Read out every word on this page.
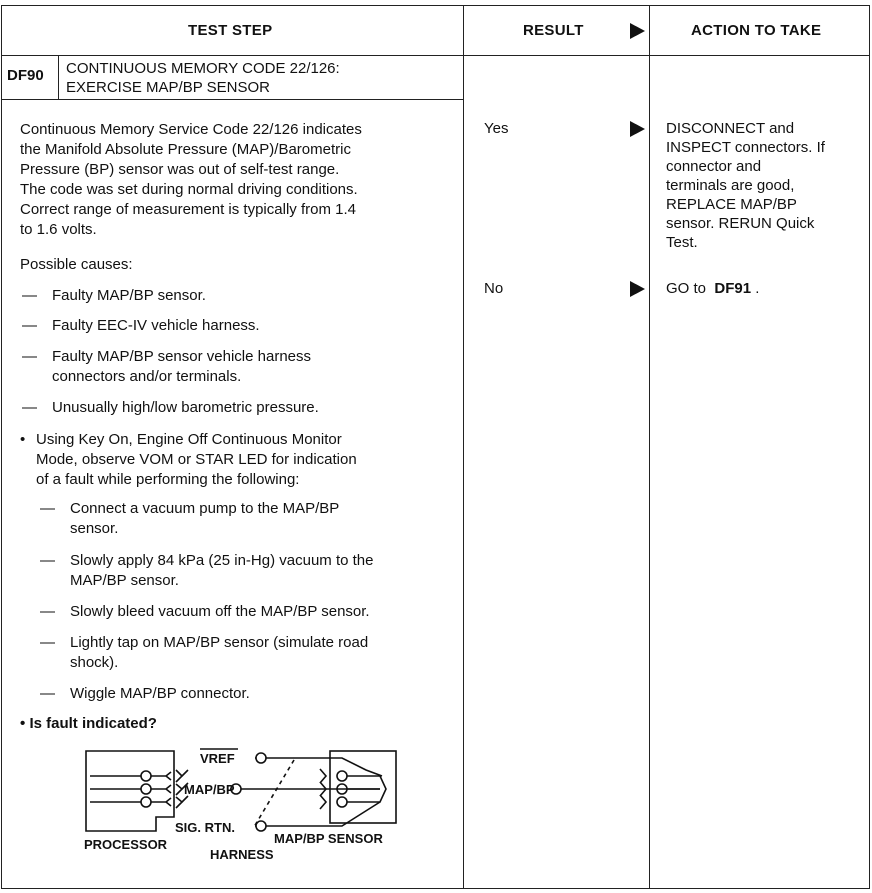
TEST STEP	RESULT	ACTION TO TAKE
DF90 CONTINUOUS MEMORY CODE 22/126:
EXERCISE MAP/BP SENSOR
Continuous Memory Service Code 22/126 indicates
the Manifold Absolute Pressure (MAP)/Barometric
Pressure (BP) sensor was out of self-test range.
The code was set during normal driving conditions.
Correct range of measurement is typically from 1.4
to 1.6 volts.
Possible causes:
— Faulty MAP/BP sensor.
— Faulty EEC-IV vehicle harness.
— Faulty MAP/BP sensor vehicle harness
connectors and/or terminals.
— Unusually high/low barometric pressure.
• Using Key On, Engine Off Continuous Monitor
Mode, observe VOM or STAR LED for indication
of a fault while performing the following:
— Connect a vacuum pump to the MAP/BP
sensor.
— Slowly apply 84 kPa (25 in-Hg) vacuum to the
MAP/BP sensor.
— Slowly bleed vacuum off the MAP/BP sensor.
— Lightly tap on MAP/BP sensor (simulate road
shock).
— Wiggle MAP/BP connector.
• Is fault indicated?
VREF
MAP/BP
SIG. RTN.
PROCESSOR
HARNESS
MAP/BP SENSOR
Yes
No
DISCONNECT and
INSPECT connectors. If
connector and
terminals are good,
REPLACE MAP/BP
sensor. RERUN Quick
Test.
GO to DF91 .
